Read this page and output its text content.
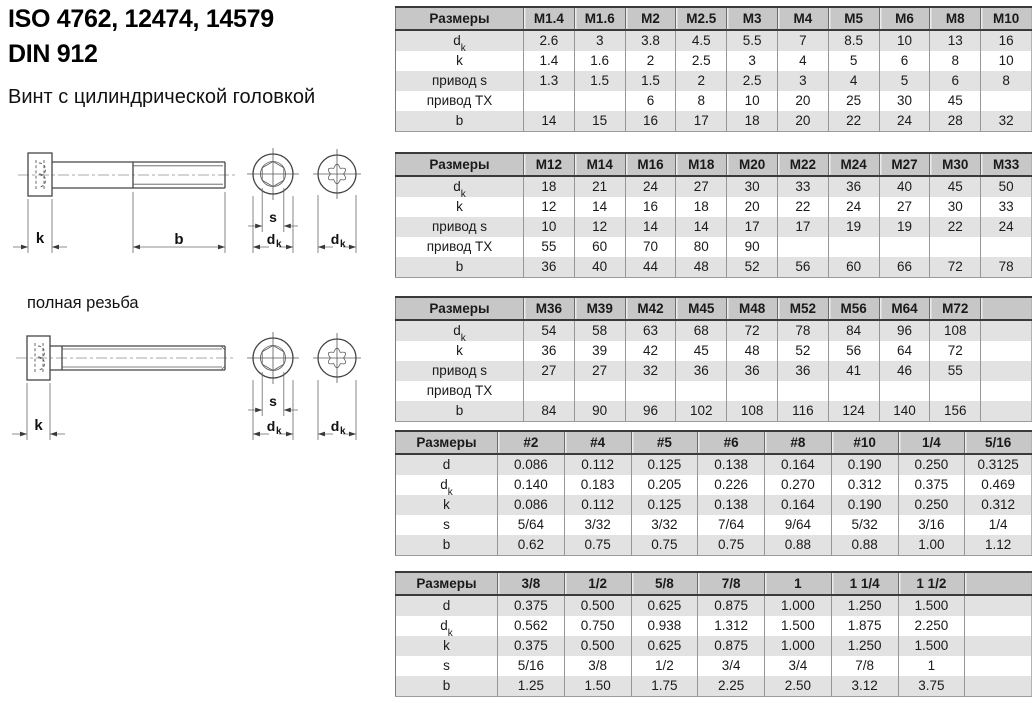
ISO 4762, 12474, 14579
DIN 912
Винт с цилиндрической головкой
полная резьба
k	b
s
d k	d k
k
s
d k	d k
Размеры	M1.4	M1.6	M2	M2.5	M3	M4	M5	M6	M8	M10
$d_k$	2.6	3	3.8	4.5	5.5	7	8.5	10	13	16
k	1.4	1.6	2	2.5	3	4	5	6	8	10
привод s	1.3	1.5	1.5	2	2.5	3	4	5	6	8
привод TX			6	8	10	20	25	30	45	
b	14	15	16	17	18	20	22	24	28	32
Размеры	M12	M14	M16	M18	M20	M22	M24	M27	M30	M33
$d_k$	18	21	24	27	30	33	36	40	45	50
k	12	14	16	18	20	22	24	27	30	33
привод s	10	12	14	14	17	17	19	19	22	24
привод TX	55	60	70	80	90					
b	36	40	44	48	52	56	60	66	72	78
Размеры	M36	M39	M42	M45	M48	M52	M56	M64	M72	
$d_k$	54	58	63	68	72	78	84	96	108	
k	36	39	42	45	48	52	56	64	72	
привод s	27	27	32	36	36	36	41	46	55	
привод TX										
b	84	90	96	102	108	116	124	140	156	
Размеры	#2	#4	#5	#6	#8	#10	1/4	5/16
d	0.086	0.112	0.125	0.138	0.164	0.190	0.250	0.3125
$d_k$	0.140	0.183	0.205	0.226	0.270	0.312	0.375	0.469
k	0.086	0.112	0.125	0.138	0.164	0.190	0.250	0.312
s	5/64	3/32	3/32	7/64	9/64	5/32	3/16	1/4
b	0.62	0.75	0.75	0.75	0.88	0.88	1.00	1.12
Размеры	3/8	1/2	5/8	7/8	1	1 1/4	1 1/2	
d	0.375	0.500	0.625	0.875	1.000	1.250	1.500	
$d_k$	0.562	0.750	0.938	1.312	1.500	1.875	2.250	
k	0.375	0.500	0.625	0.875	1.000	1.250	1.500	
s	5/16	3/8	1/2	3/4	3/4	7/8	1	
b	1.25	1.50	1.75	2.25	2.50	3.12	3.75	
